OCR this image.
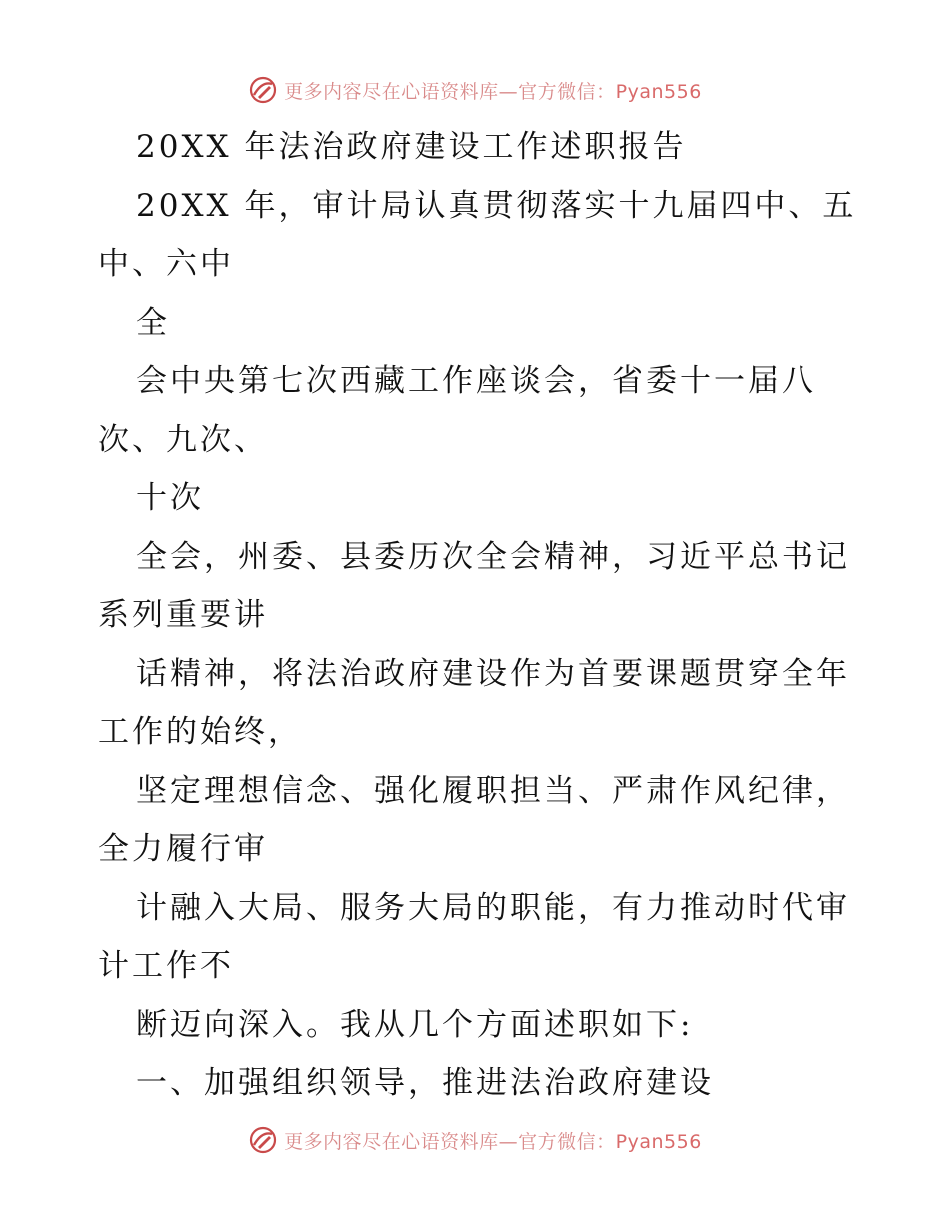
更多内容尽在心语资料库—官方微信：Pyan556
20XX 年法治政府建设工作述职报告
20XX 年，审计局认真贯彻落实十九届四中、五
中、六中
全
会中央第七次西藏工作座谈会，省委十一届八
次、九次、
十次
全会，州委、县委历次全会精神，习近平总书记
系列重要讲
话精神，将法治政府建设作为首要课题贯穿全年
工作的始终，
坚定理想信念、强化履职担当、严肃作风纪律，
全力履行审
计融入大局、服务大局的职能，有力推动时代审
计工作不
断迈向深入。我从几个方面述职如下:
一、加强组织领导，推进法治政府建设
更多内容尽在心语资料库—官方微信：Pyan556
